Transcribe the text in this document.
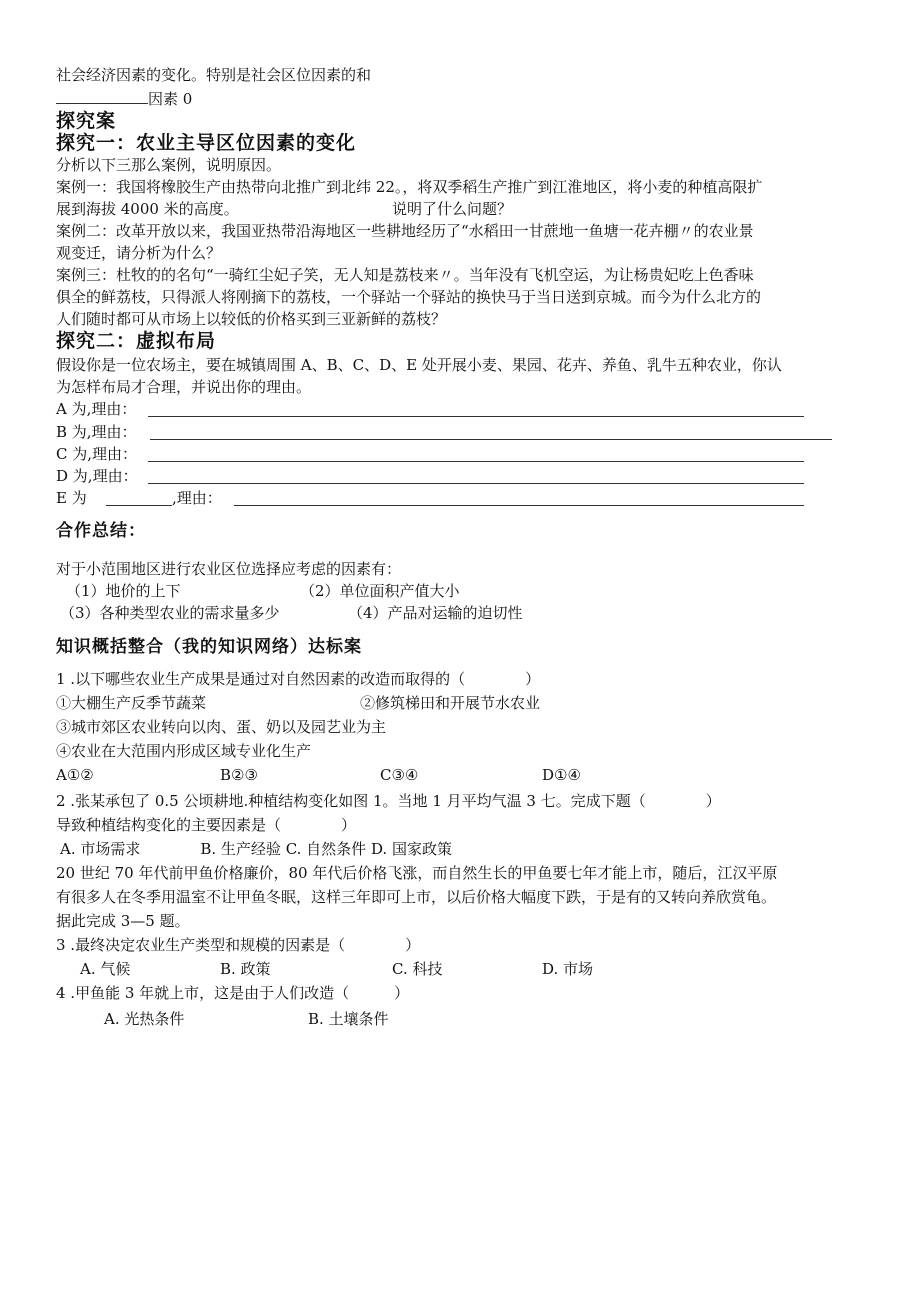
社会经济因素的变化。特别是社会区位因素的和
因素 0
探究案
探究一：农业主导区位因素的变化
分析以下三那么案例，说明原因。
案例一：我国将橡胶生产由热带向北推广到北纬 22。，将双季稻生产推广到江淮地区，将小麦的种植高限扩
展到海拔 4000 米的高度。	说明了什么问题？
案例二：改革开放以来，我国亚热带沿海地区一些耕地经历了“水稻田一甘蔗地一鱼塘一花卉棚〃的农业景
观变迁，请分析为什么？
案例三：杜牧的的名句“一骑红尘妃子笑，无人知是荔枝来〃。当年没有飞机空运，为让杨贵妃吃上色香味
俱全的鲜荔枝，只得派人将刚摘下的荔枝，一个驿站一个驿站的换快马于当日送到京城。而今为什么北方的
人们随时都可从市场上以较低的价格买到三亚新鲜的荔枝？
探究二：虚拟布局
假设你是一位农场主，要在城镇周围 A、B、C、D、E 处开展小麦、果园、花卉、养鱼、乳牛五种农业，你认
为怎样布局才合理，并说出你的理由。
A 为,理由：
B 为,理由：
C 为,理由：
D 为,理由：
E 为	,理由：
合作总结：
对于小范围地区进行农业区位选择应考虑的因素有：
（1）地价的上下	（2）单位面积产值大小
（3）各种类型农业的需求量多少	（4）产品对运输的迫切性
知识概括整合（我的知识网络）达标案
1 .以下哪些农业生产成果是通过对自然因素的改造而取得的（　　　　）
①大棚生产反季节蔬菜	②修筑梯田和开展节水农业
③城市郊区农业转向以肉、蛋、奶以及园艺业为主
④农业在大范围内形成区域专业化生产
A①②	B②③	C③④	D①④
2 .张某承包了 0.5 公顷耕地.种植结构变化如图 1。当地 1 月平均气温 3 七。完成下题（　　　　）
导致种植结构变化的主要因素是（　　　　）
A. 市场需求　　　　B. 生产经验 C. 自然条件 D. 国家政策
20 世纪 70 年代前甲鱼价格廉价，80 年代后价格飞涨，而自然生长的甲鱼要七年才能上市，随后，江汉平原
有很多人在冬季用温室不让甲鱼冬眠，这样三年即可上市，以后价格大幅度下跌，于是有的又转向养欣赏龟。
据此完成 3—5 题。
3 .最终决定农业生产类型和规模的因素是（　　　　）
A. 气候	B. 政策	C. 科技	D. 市场
4 .甲鱼能 3 年就上市，这是由于人们改造（　　　）
A. 光热条件	B. 土壤条件
